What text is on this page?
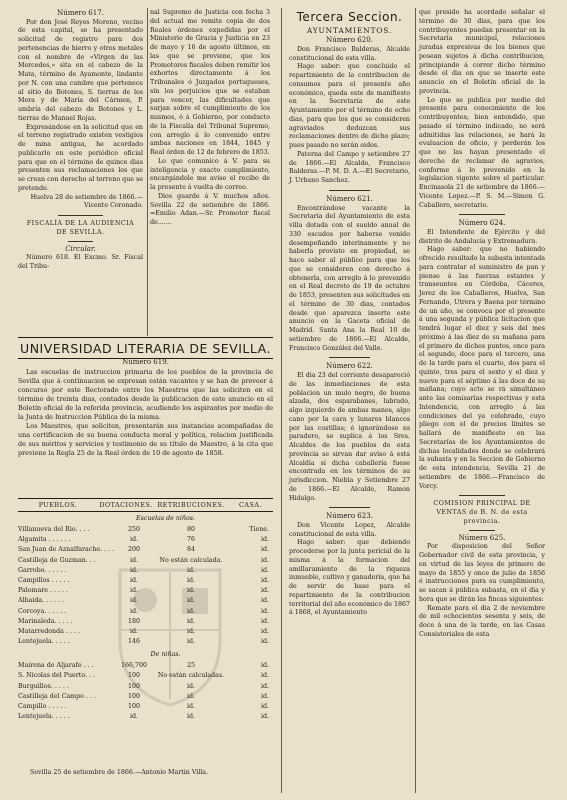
Número 617.

Por don José Reyes Moreno, vecino de esta capital, se ha presentado solicitud de registro para dos pertenencias de hierro y otros metales con el nombre de «Virgen de las Mercedes,» sita en el cabezo de la Mata, término de Ayamonte, lindante por N. con una cumbre que pertenece al sitio de Botones, S. tierras de los Mera y de María del Cármen, P. umbría del cabezo de Botones y L. tierras de Manuel Rojas.

Expresándose en la solicitud que en el terreno registrado existen vestigios de mina antigua, he acordado publicarlo en este periódico oficial para que en el término de quince dias presenten sus reclamaciones los que se crean con derecho al terreno que se pretende.

Huelva 28 de setiembre de 1866.—Vicente Coronado.

FISCALÍA DE LA AUDIENCIA DE SEVILLA.

Circular.

Número 618. El Excmo. Sr. Fiscal del Tribu-

nal Supremo de Justicia con fecha 3 del actual me remite copia de dos Reales órdenes expedidas por el Ministerio de Gracia y Justicia en 23 de mayo y 16 de agosto últimos, en las que se previene, que los Promotores fiscales deben remitir los exhortos directamente á los Tribunales ó Juzgados portugueses, sin los perjuicios que se estaban para vencer, las dificultades que surjan sobre el cumplimiento de los mismos, ó á Gobierno, por conducto de la Fiscalía del Tribunal Supremo, con arreglo á lo convenido entre ambas naciones en 1844, 1845 y Real órden de 12 de febrero de 1853.

Lo que comunico á V. para su inteligencia y exacto cumplimiento, encargándole me avise el recibo de la presente á vuelta de correo.

Dios guarde á V. muchos años. Sevilla 22 de setiembre de 1866. =Emilio Adan.—Sr. Promotor fiscal de.......

UNIVERSIDAD LITERARIA DE SEVILLA.

Número 619.

Las escuelas de instruccion primaria de los pueblos de la provincia de Sevilla que á continuacion se expresan están vacantes y se han de proveer á concurso por este Rectorado entre los Maestros que las soliciten en el término de treinta dias, contados desde la publicacion de este anuncio en el Boletín oficial de la referida provincia, acudiendo los aspirantes por medio de la Junta de Instruccion Pública de la misma.

Los Maestros, que soliciten, presentarán sus instancias acompañadas de una certificacion de su buena conducta moral y política, relacion justificada de sus méritos y servicios y testimonio de su título de Maestro, á la cita que previene la Regla 25 de la Real órden de 10 de agosto de 1858.

PUEBLOS.	DOTACIONES. RETRIBUCIONES.	CASA.
Escuelas de niños.
Villanueva del Rio. . . .	250	80	Tiene.
Algamita . . . . . .	id.	76	id.
San Juan de Aznalfarache. . . .	200	84	id.
Castilleja de Guzman. . .	id.	No están calculada.	id.
Garrobo. . . . . .	id.	id.	id.
Campillos . . . . .	id.	id.	id.
Palomare . . . . .	id.	id.	id.
Albaida. . . . . .	id.	id.	id.
Corcoya. . . . . .	id.	id.	id.
Marinaleda. . . . .	180	id.	id.
Matarredonda . . . .	id.	id.	id.
Lentejuela. . . . .	146	id.	id.
De niñas.
Mairena de Aljarafe . . .	166,700	25	id.
S. Nicolas del Puerto. . .	100	No están calculadas.	id.
Burguillos. . . . .	100	id.	id.
Castilleja del Campo . . .	100	id.	id.
Campillo . . . . .	100	id.	id.
Lentejuela. . . . .	id.	id.	id.
Sevilla 25 de setiembre de 1866.—Antonio Martin Villa.

Tercera Seccion.

AYUNTAMIENTOS.

Número 620.

Don Francisco Balderas, Alcalde constitucional de esta villa.

Hago saber: que concluido el repartimiento de la contribucion de consumos para el presente año económico, queda este de manifiesto en la Secretaría de este Ayuntamiento por el término de ocho dias, para que los que se consideren agraviados deduzcan sus reclamaciones dentro de dicho plazo; pues pasado no serán oidos.

Paterna del Campo y setiembre 27 de 1866.—El Alcalde, Francisco Balderas.—P. M. D. A.—El Secretario, J. Urbano Sanchez.

Número 621.

Encontrándose vacante la Secretaría del Ayuntamiento de esta villa dotada con el sueldo anual de 330 escudos por haberse venido desempeñando interinamente y no haberla provisto en propiedad, se hace saber al público para que los que se consideren con derecho á obtenerla, con arreglo á lo prevenido en el Real decreto de 19 de octubre de 1853, presenten sus solicitudes en el término de 30 dias, contados desde que aparezca inserto este anuncio en la Gaceta oficial de Madrid. Santa Ana la Real 10 de setiembre de 1866.—El Alcalde, Francisco González del Valle.

Número 622.

El dia 23 del corriente desapareció de las inmediaciones de esta poblacion un mulo negro, de buena alzada, dos esparabanes, labrado, algo izquierdo de ambas manos, algo cano por la cara y lunares blancos por las costillas; é ignorándose su paradero, se suplica á los Sres. Alcaldes de los pueblos de esta provincia se sirvan dar aviso á esta Alcaldía si dicha caballería fuese encontrada en los términos de su jurisdiccion. Niebla y Setiembre 27 de 1866.—El Alcalde, Ramon Hidalgo.

Número 623.

Don Vicente Lopez, Alcalde constitucional de esta villa.

Hago saber: que debiendo procederse por la junta pericial de la misma á la formacion del amillaramiento de la riqueza inmueble, cultivo y ganadería, que ha de servir de base para el repartimiento de la contribucion territorial del año económico de 1867 á 1868, el Ayuntamiento

que presido ha acordado señalar el término de 30 dias, para que los contribuyentes puedan presentar en la Secretaría municipal, relaciones juradas expresivas de los bienes que posean sujetos á dicha contribucion, principiando á correr dicho término desde el dia en que se inserte este anuncio en el Boletín oficial de la provincia.

Lo que se publica por medio del presente para conocimiento de los contribuyentes; bien entendido, que pasado el término indicado, no será admitidas las relaciones, se hará la evaluacion de oficio, y perderán los que no las hayan presentado el derecho de reclamar de agravios, conforme á lo prevenido en la legislacion vigente sobre el particular. Encinasola 21 de setiembre de 1866.—Vicente Lopez.—P. S. M.—Simon G. Caballero, secretario.

Número 624.

El Intendente de Ejército y del distrito de Andalucía y Extremadura.

Hago saber: que no habiendo ofrecido resultado la subasta intentada para contratar el suministro de pan y pienso á las fuerzas estantes y transeuntes en Córdoba, Cáceres, Jerez de los Caballeros, Huelva, San Fernando, Utrera y Baena por término de un año, se convoca por el presente á una segunda y pública licitacion que tendrá lugar el diez y seis del mes próximo á las diez de su mañana para el primero de dichos puntos, once para el segundo, doce para el tercero, una de la tarde para el cuarto, dos para el quinto, tres para el sexto y el diez y nueve para el séptimo á las doce de su mañana; cuyo acto se rá simultáneo ante las comisarías respectivas y esta Intendencia, con arreglo á las condiciones del ya celebrado, cuyo pliego con el de precios límites se hallará de manifiesto en las Secretarías de los Ayuntamientos de dichas localidades donde se celebrará la subasta y en la Seccion de Gobierno de esta intendencia. Sevilla 21 de setiembre de 1866.—Francisco de Vorcy.

COMISION PRINCIPAL DE VENTAS de B. N. de esta provincia.

Número 625.

Por disposicion del Señor Gobernador civil de esta provincia, y en virtud de las leyes de primero de mayo de 1855 y once de julio de 1856 é instrucciones para su cumplimiento, se sacan á pública subasta, en el dia y hora que se dirán las fincas siguientes:

Remate para el dia 2 de noviembre de mil ochocientos sesenta y seis, de doce á una de la tarde, en las Casas Consistoriales de esta
